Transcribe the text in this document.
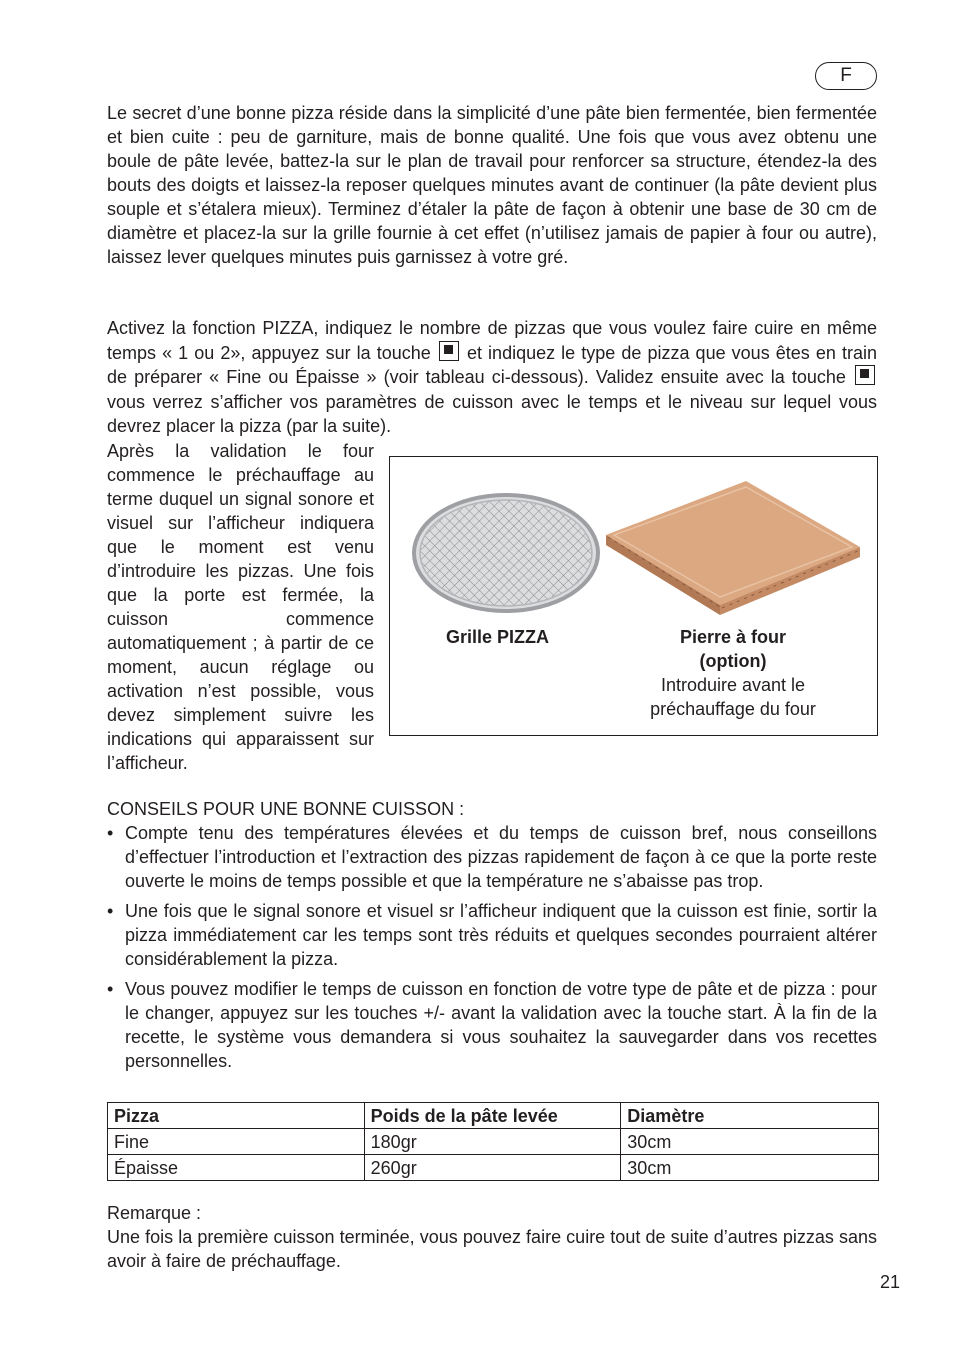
F

Le secret d’une bonne pizza réside dans la simplicité d’une pâte bien fermentée, bien fermentée et bien cuite : peu de garniture, mais de bonne qualité. Une fois que vous avez obtenu une boule de pâte levée, battez-la sur le plan de travail pour renforcer sa structure, étendez-la des bouts des doigts et laissez-la reposer quelques minutes avant de continuer (la pâte devient plus souple et s’étalera mieux). Terminez d’étaler la pâte de façon à obtenir une base de 30 cm de diamètre et placez-la sur la grille fournie à cet effet (n’utilisez jamais de papier à four ou autre), laissez lever quelques minutes puis garnissez à votre gré.

Activez la fonction PIZZA, indiquez le nombre de pizzas que vous voulez faire cuire en même temps « 1 ou 2», appuyez sur la touche et indiquez le type de pizza que vous êtes en train de préparer « Fine ou Épaisse » (voir tableau ci-dessous). Validez ensuite avec la touche  vous verrez s’afficher vos paramètres de cuisson avec le temps et le niveau sur lequel vous devrez placer la pizza (par la suite).

Après la validation le four commence le préchauffage au terme duquel un signal sonore et visuel sur l’afficheur indiquera que le moment est venu d’introduire les pizzas. Une fois que la porte est fermée, la cuisson commence automatiquement ; à partir de ce moment, aucun réglage ou activation n’est possible, vous devez simplement suivre les indications qui apparaissent sur l’afficheur.

Grille PIZZA	Pierre à four
(option)
Introduire avant le
préchauffage du four

CONSEILS POUR UNE BONNE CUISSON :

• Compte tenu des températures élevées et du temps de cuisson bref, nous conseillons d’effectuer l’introduction et l’extraction des pizzas rapidement de façon à ce que la porte reste ouverte le moins de temps possible et que la température ne s’abaisse pas trop.
• Une fois que le signal sonore et visuel sr l’afficheur indiquent que la cuisson est finie, sortir la pizza immédiatement car les temps sont très réduits et quelques secondes pourraient altérer considérablement la pizza.
• Vous pouvez modifier le temps de cuisson en fonction de votre type de pâte et de pizza : pour le changer, appuyez sur les touches +/- avant la validation avec la touche start. À la fin de la recette, le système vous demandera si vous souhaitez la sauvegarder dans vos recettes personnelles.
Pizza	Poids de la pâte levée	Diamètre
Fine	180gr	30cm
Épaisse	260gr	30cm

Remarque :

Une fois la première cuisson terminée, vous pouvez faire cuire tout de suite d’autres pizzas sans avoir à faire de préchauffage.

21
